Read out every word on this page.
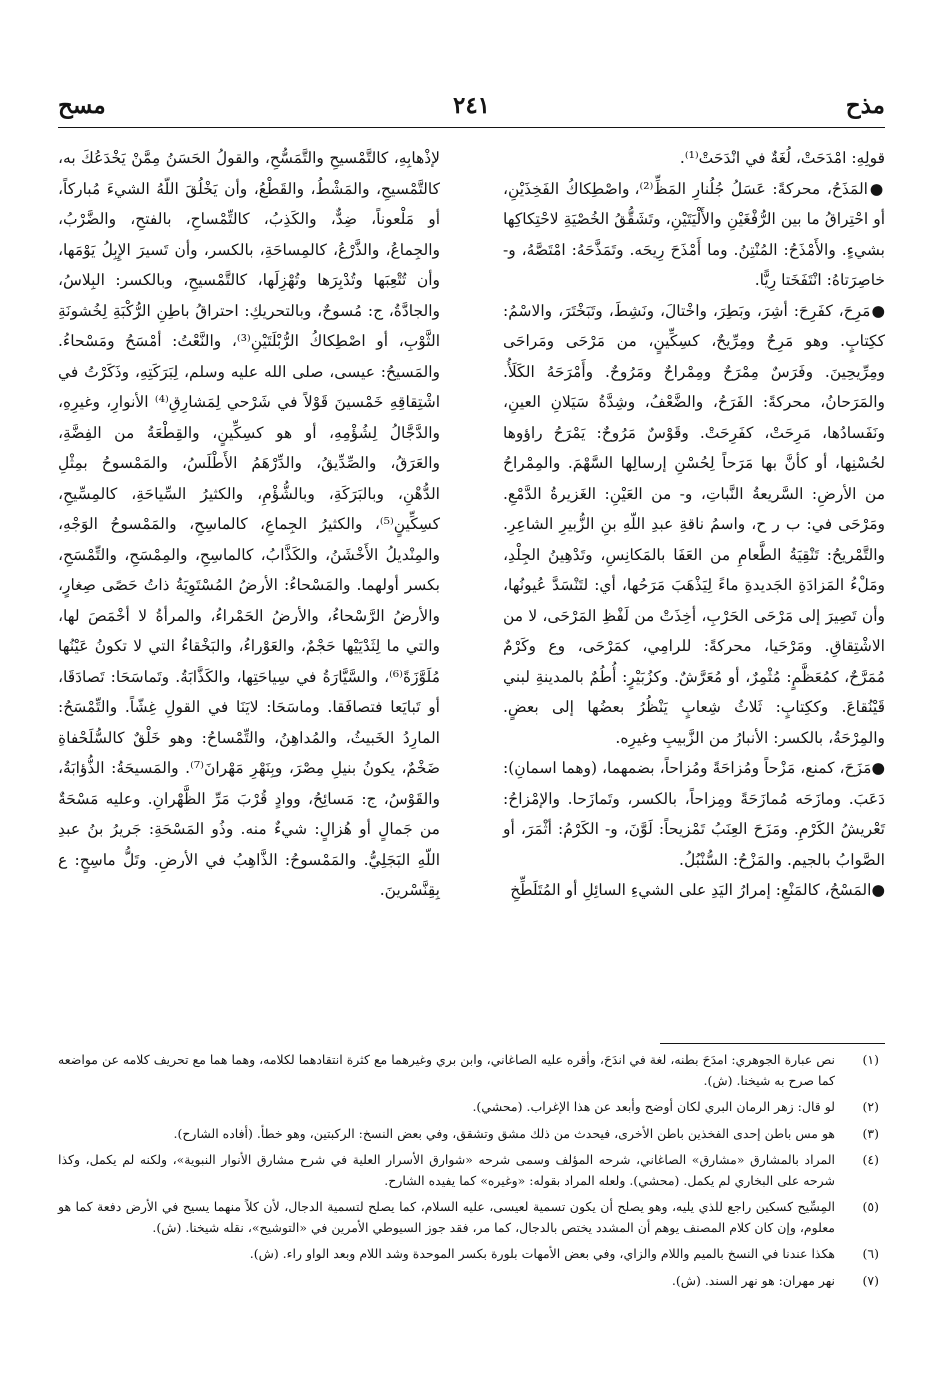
مذح
٢٤١
مسح

قولِهِ: امْدَحَتْ، لُغَةٌ في انْدَحَتْ⁽¹⁾.

●المَذَحُ، محركةً: عَسَلُ جُلُنارِ المَظِّ⁽²⁾، واصْطِكاكُ الفَخِذَيْنِ، أو احْتِراقُ ما بين الرُّفْغَيْنِ والأَلْيَتَيْنِ، وتَشَقُّقُ الخُصْيَةِ لاحْتِكاكِها بشيءٍ. والأَمْذَحُ: المُنْتِنُ. وما أَمْذَحَ رِيحَه. وتَمَذَّحَهُ: امْتَصَّهُ، و- خاصِرَتاهُ: انْتَفَخَتا رِيًّا.

●مَرِحَ، كفَرِحَ: أشِرَ، وبَطِرَ، واخْتالَ، ونَشِطَ، وتَبَخْتَرَ، والاسْمُ: ككِتابٍ. وهو مَرِحٌ ومِرِّيحٌ، كسِكِّينٍ، من مَرْحَى ومَراحَى ومِرِّيحِينَ. وفَرَسٌ مِمْرَحٌ ومِمْراحٌ ومَرُوحٌ. وأَمْرَحَهُ الكَلَأُ. والمَرَحانُ، محركةً: الفَرَحُ، والضَّعْفُ، وشِدَّةُ سَيَلانِ العينِ، ونَفَسادُها، مَرِحَتْ، كفَرِحَتْ. وقَوْسٌ مَرُوحٌ: يَمْرَحُ راؤوها لحُسْنِها، أو كأنَّ بها مَرَحاً لِحُسْنِ إرسالِها السَّهْمَ. والمِمْراحُ من الأرضِ: السَّريعةُ النَّباتِ، و- من العَيْنِ: الغَزيرةُ الدَّمْعِ. ومَرْحَى في: ب ر ح، واسمُ ناقةِ عبدِ اللّهِ بنِ الزُّبيرِ الشاعِرِ. والتَّمْريحُ: تَنْقِيَةُ الطَّعامِ من العَفَا بالمَكانِسِ، وتَدْهِينُ الجِلْدِ، ومَلْءُ المَزادَةِ الجَديدةِ ماءً لِيَذْهَبَ مَرَحُها، أي: لتَنْسَدَّ عُيونُها، وأن تَصِيرَ إلى مَرْحَى الحَرْبِ، أخِذَتْ من لَفْظِ المَرْحَى، لا من الاشْتِقاقِ. ومَرْحَيا، محركةً: للرامِي، كمَرْحَى، وع وكَرْمٌ مُمَرَّحٌ، كمُعَظَّمٍ: مُثْمِرٌ، أو مُعَرَّشٌ. وكزُبَيْرٍ: أُطُمٌ بالمدينةِ لبني قَيْنُقاعَ. وككِتابٍ: ثَلاثُ شِعابٍ يَنْظُرُ بعضُها إلى بعضٍ. والمِرْحَةُ، بالكسر: الأنبارُ من الزَّبيبِ وغيرِه.

●مَزَحَ، كمنع، مَزْحاً ومُزاحَةً ومُزاحاً، بضمهما، (وهما اسمانِ): دَعَبَ. ومازَحَه مُمازَحَةً ومِزاحاً، بالكسر، وتَمازَحا. والإمْزاحُ: تَعْريشُ الكَرْمِ. ومَزَحَ العِنَبُ تَمْزيحاً: لَوَّنَ، و- الكَرْمُ: أثْمَرَ، أو الصَّوابُ بالجيم. والمَزْحُ: السُّنْبُلُ.

●المَسْحُ، كالمَنْعِ: إمرارُ اليَدِ على الشيءِ السائِلِ أو المُتَلَطِّخِ

لإذْهابِهِ، كالتَّمْسيحِ والتَّمَسُّحِ، والقولُ الحَسَنُ مِمَّنْ يَخْدَعُكَ به، كالتَّمْسيحِ، والمَشْطُ، والقَطْعُ، وأن يَخْلُقَ اللّهُ الشيءَ مُباركاً، أو مَلْعوناً، ضِدٌّ، والكَذِبُ، كالتِّمْساحِ، بالفتحِ، والضَّرْبُ، والجِماعُ، والذَّرْعُ، كالمِساحَةِ، بالكسر، وأن تَسيرَ الإِبِلُ يَوْمَها، وأن تُتْعِبَها وتُدْبِرَها وتُهْزِلَها، كالتَّمْسيحِ، وبالكسر: البِلاسُ، والجادَّةُ، ج: مُسوحٌ، وبالتحريكِ: احتراقُ باطِنِ الرُّكْبَةِ لِخُشونَةِ الثَّوْبِ، أو اصْطِكاكُ الرُّبْلَتَيْنِ⁽³⁾، والنَّعْتُ: أمْسَحُ ومَسْحاءُ. والمَسيحُ: عيسى، صلى الله عليه وسلم، لِبَرَكَتِهِ، وذَكَرْتُ في اشْتِقاقِهِ خَمْسينَ قَوْلاً في شَرْحي لِمَشارِقِ⁽⁴⁾ الأنوارِ، وغيرِهِ، والدَّجَّالُ لِشُؤْمِهِ، أو هو كسِكِّينٍ، والقِطْعَةُ من الفِضَّةِ، والعَرَقُ، والصِّدِّيقُ، والدِّرْهَمُ الأَطْلَسُ، والمَمْسوحُ بمِثْلِ الدُّهْنِ، وبالبَرَكَةِ، وبالشُّؤْمِ، والكثيرُ السِّياحَةِ، كالمِسِّيحِ، كسِكِّينٍ⁽⁵⁾، والكثيرُ الجِماعِ، كالماسِحِ، والمَمْسوحُ الوَجْهِ، والمِنْديلُ الأَخْشَنُ، والكَذَّابُ، كالماسِحِ، والمِمْسَحِ، والتِّمْسَحِ، بكسر أولهما. والمَسْحاءُ: الأرضُ المُسْتَوِيَةُ ذاتُ حَصًى صِغارٍ، والأرضُ الرَّسْحاءُ، والأرضُ الحَمْراءُ، والمرأةُ لا أخْمَصَ لها، والتي ما لِثَدْيَيْها حَجْمٌ، والعَوْراءُ، والبَخْقاءُ التي لا تكونُ عَيْنُها مُلَوَّزَةً⁽⁶⁾، والسَّيَّارَةُ في سِياحَتِها، والكَذَّابَةُ. وتَماسَحَا: تَصادَقَا، أو تَبايَعا فتصافَقا. وماسَحَا: لايَنَا في القولِ غِشّاً. والتِّمْسَحُ: المارِدُ الخَبيثُ، والمُداهِنُ، والتِّمْساحُ: وهو خَلْقٌ كالسُّلَحْفاةِ ضَخْمٌ، يكونُ بنيلِ مِصْرَ، وبِنَهْرِ مَهْرانَ⁽⁷⁾. والمَسيحَةُ: الذُّؤابَةُ، والقَوْسُ، ج: مَسائِحُ، ووادٍ قُرْبَ مَرِّ الظَّهْرانِ. وعليه مَسْحَةٌ من جَمالٍ أو هُزالٍ: شيءٌ منه. وذُو المَسْحَةِ: جَريرُ بنُ عبدِ اللّهِ البَجَلِيُّ. والمَمْسوحُ: الذَّاهِبُ في الأرضِ. وتَلُّ ماسِحٍ: ع بِقِنَّسْرينَ.

(١)
نص عبارة الجوهري: امدَحَ بطنه، لغة في اندَحَ، وأقره عليه الصاغاني، وابن بري وغيرهما مع كثرة انتقادهما لكلامه، وهما هما مع تحريف كلامه عن مواضعه كما صرح به شيخنا. (ش).
(٢)
لو قال: زهر الرمان البري لكان أوضح وأبعد عن هذا الإغراب. (محشي).
(٣)
هو مس باطن إحدى الفخذين باطن الأخرى، فيحدث من ذلك مشق وتشقق، وفي بعض النسخ: الركبتين، وهو خطأ. (أفاده الشارح).
(٤)
المراد بالمشارق «مشارق» الصاغاني، شرحه المؤلف وسمى شرحه «شوارق الأسرار العلية في شرح مشارق الأنوار النبوية»، ولكنه لم يكمل، وكذا شرحه على البخاري لم يكمل. (محشي). ولعله المراد بقوله: «وغيره» كما يفيده الشارح.
(٥)
المِسِّيح كسكين راجع للذي يليه، وهو يصلح أن يكون تسمية لعيسى، عليه السلام، كما يصلح لتسمية الدجال، لأن كلاً منهما يسيح في الأرض دفعة كما هو معلوم، وإن كان كلام المصنف يوهم أن المشدد يختص بالدجال، كما مر، فقد جوز السيوطي الأمرين في «التوشيح»، نقله شيخنا. (ش).
(٦)
هكذا عندنا في النسخ بالميم واللام والزاي، وفي بعض الأمهات بلورة بكسر الموحدة وشد اللام وبعد الواو راء. (ش).
(٧)
نهر مهران: هو نهر السند. (ش).
